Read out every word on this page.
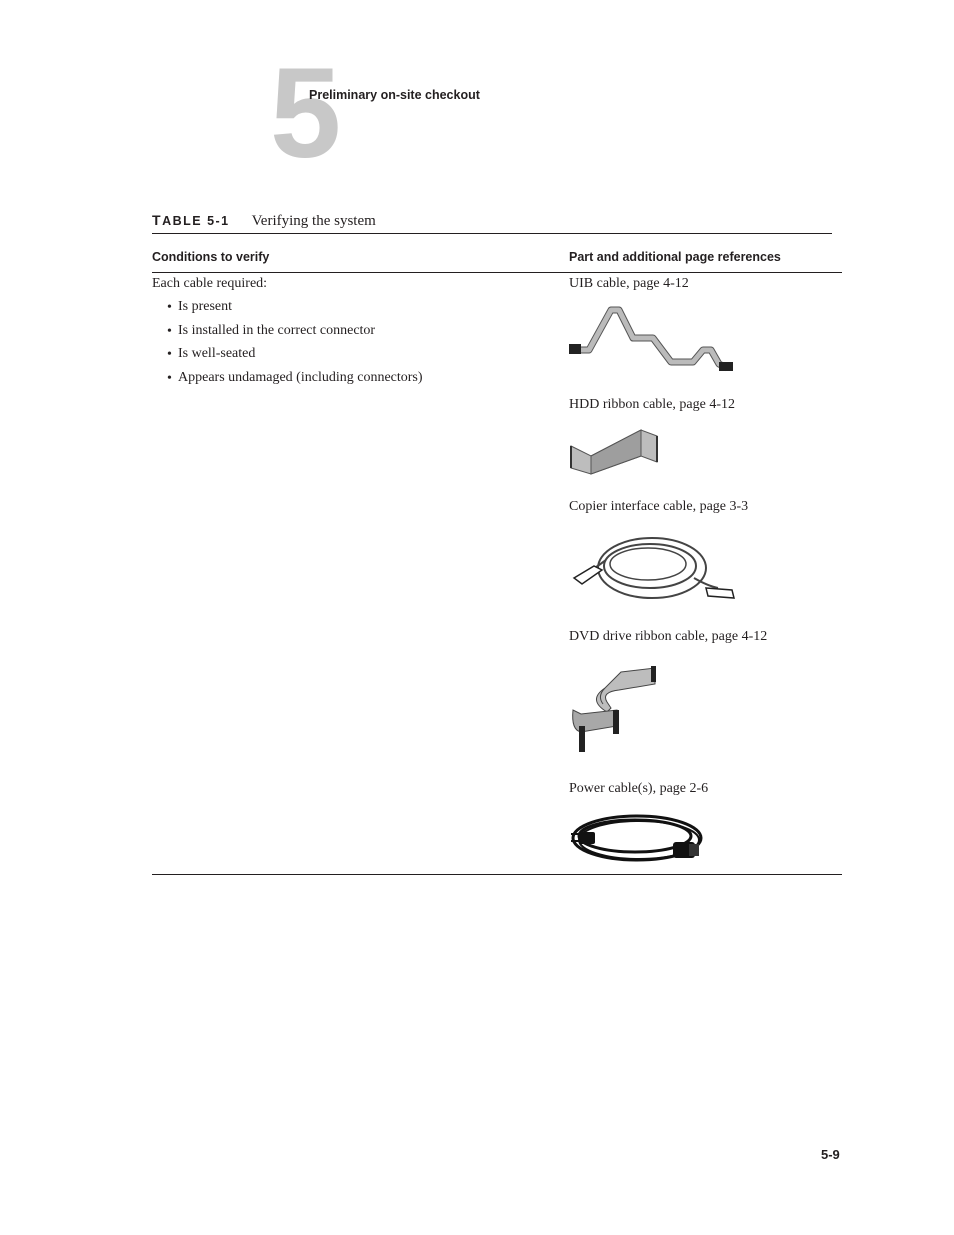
5
Preliminary on-site checkout
TABLE 5-1 Verifying the system
Conditions to verify	Part and additional page references
Each cable required:
• Is present
• Is installed in the correct connector
• Is well-seated
• Appears undamaged (including connectors)
UIB cable, page 4-12
HDD ribbon cable, page 4-12
Copier interface cable, page 3-3
DVD drive ribbon cable, page 4-12
Power cable(s), page 2-6
5-9
